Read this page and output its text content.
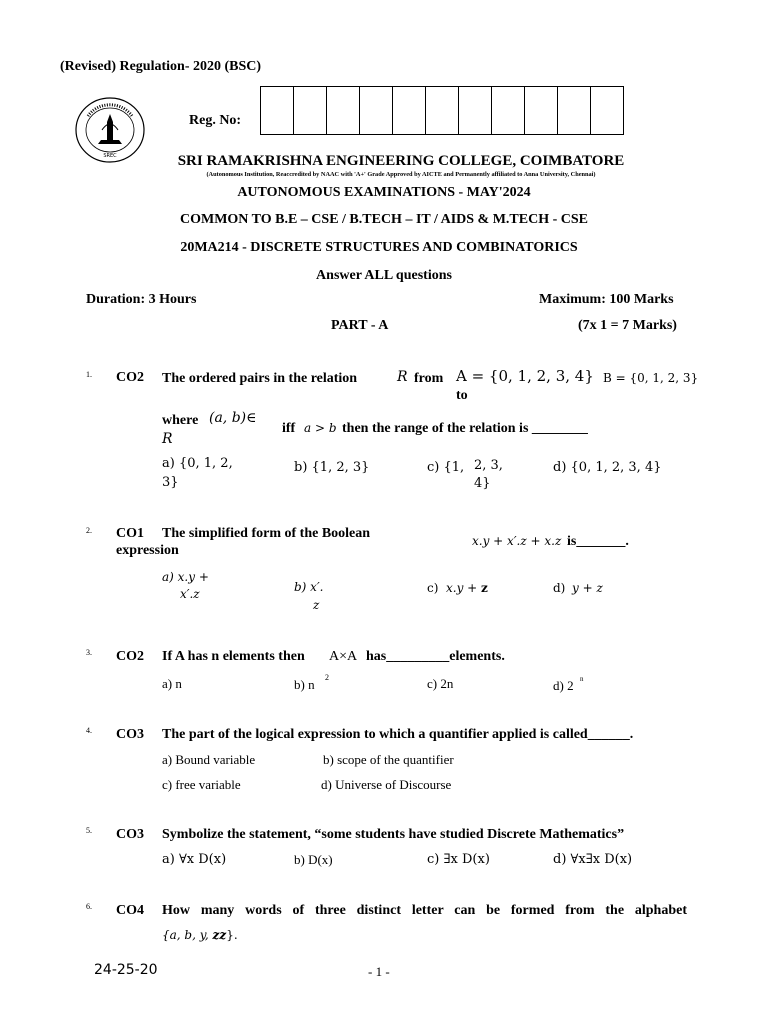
(Revised) Regulation- 2020 (BSC)
SREC
Reg. No:

SRI RAMAKRISHNA ENGINEERING COLLEGE, COIMBATORE
(Autonomous Institution, Reaccredited by NAAC with 'A+' Grade Approved by AICTE and Permanently affiliated to Anna University, Chennai)
AUTONOMOUS EXAMINATIONS - MAY'2024
COMMON TO B.E – CSE / B.TECH – IT / AIDS & M.TECH - CSE
20MA214 - DISCRETE STRUCTURES AND COMBINATORICS
Answer ALL questions
Duration: 3 Hours	Maximum: 100 Marks
PART - A	(7x 1 = 7 Marks)
1. CO2 The ordered pairs in the relation	R from A = {0, 1, 2, 3, 4}
to
B = {0, 1, 2, 3}
where (a, b)∈
R
iff a > b then the range of the relation is ________
a) {0, 1, 2,
3}
b) {1, 2, 3}	c) {1, 2, 3,
4}
d) {0, 1, 2, 3, 4}
2. CO1 The simplified form of the Boolean
expression
x.y + x′.z + x.z is_______.
a) x.y +
x′.z	b) x′.
z
c) x.y + z	d) y + z
3. CO2 If A has n elements then A×A has_________elements.
a) n	b) n 2	c) 2n	d) 2 n
4. CO3 The part of the logical expression to which a quantifier applied is called______.
a) Bound variable	b) scope of the quantifier
c) free variable	d) Universe of Discourse
5. CO3 Symbolize the statement, “some students have studied Discrete Mathematics”
a) ∀x D(x)	b) D(x)	c) ∃x D(x)	d) ∀x∃x D(x)
6. CO4 How many words of three distinct letter can be formed from the alphabet
{a, b, y, zz}.
24-25-20	- 1 -
